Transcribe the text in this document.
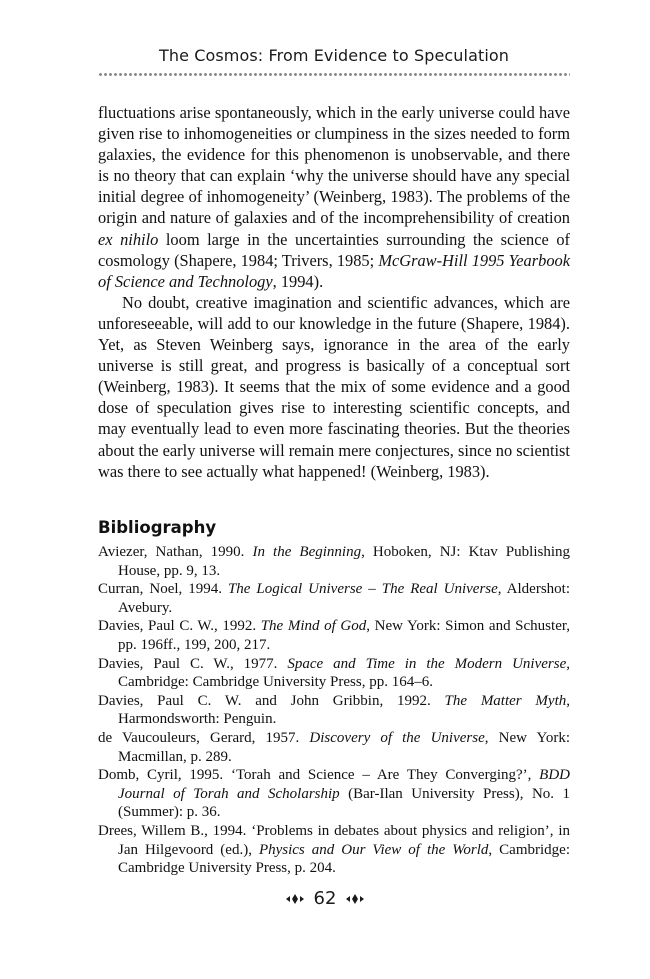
The Cosmos: From Evidence to Speculation

fluctuations arise spontaneously, which in the early universe could have given rise to inhomogeneities or clumpiness in the sizes needed to form galaxies, the evidence for this phenomenon is unobservable, and there is no theory that can explain ‘why the universe should have any special initial degree of inhomogeneity’ (Weinberg, 1983). The problems of the origin and nature of galaxies and of the incomprehensibility of creation ex nihilo loom large in the uncertainties surrounding the science of cosmology (Shapere, 1984; Trivers, 1985; McGraw-Hill 1995 Yearbook of Science and Technology, 1994).

No doubt, creative imagination and scientific advances, which are unforeseeable, will add to our knowledge in the future (Shapere, 1984). Yet, as Steven Weinberg says, ignorance in the area of the early universe is still great, and progress is basically of a conceptual sort (Weinberg, 1983). It seems that the mix of some evidence and a good dose of speculation gives rise to interesting scientific concepts, and may eventually lead to even more fascinating theories. But the theories about the early universe will remain mere conjectures, since no scientist was there to see actually what happened! (Weinberg, 1983).

Bibliography

Aviezer, Nathan, 1990. In the Beginning, Hoboken, NJ: Ktav Publishing House, pp. 9, 13.

Curran, Noel, 1994. The Logical Universe – The Real Universe, Aldershot: Avebury.

Davies, Paul C. W., 1992. The Mind of God, New York: Simon and Schuster, pp. 196ff., 199, 200, 217.

Davies, Paul C. W., 1977. Space and Time in the Modern Universe, Cambridge: Cambridge University Press, pp. 164–6.

Davies, Paul C. W. and John Gribbin, 1992. The Matter Myth, Harmondsworth: Penguin.

de Vaucouleurs, Gerard, 1957. Discovery of the Universe, New York: Macmillan, p. 289.

Domb, Cyril, 1995. ‘Torah and Science – Are They Converging?’, BDD Journal of Torah and Scholarship (Bar-Ilan University Press), No. 1 (Summer): p. 36.

Drees, Willem B., 1994. ‘Problems in debates about physics and religion’, in Jan Hilgevoord (ed.), Physics and Our View of the World, Cambridge: Cambridge University Press, p. 204.

62
